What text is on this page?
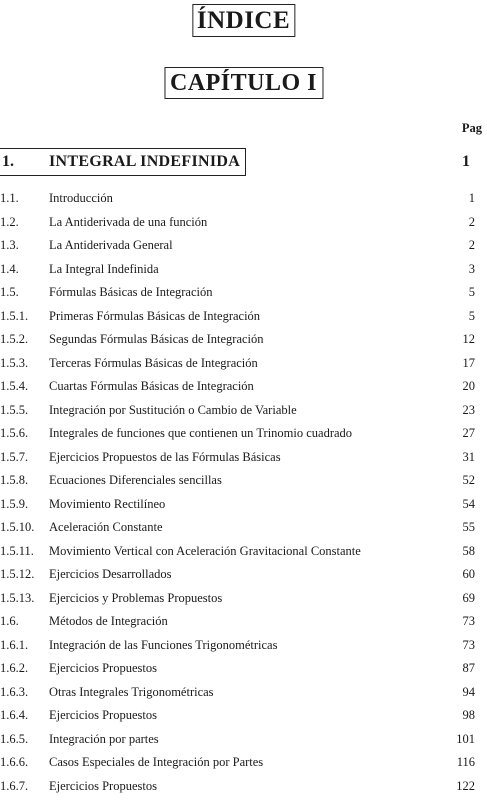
ÍNDICE
CAPÍTULO I
Pag
1. INTEGRAL INDEFINIDA	1
1.1. Introducción	1
1.2. La Antiderivada de una función	2
1.3. La Antiderivada General	2
1.4. La Integral Indefinida	3
1.5. Fórmulas Básicas de Integración	5
1.5.1. Primeras Fórmulas Básicas de Integración	5
1.5.2. Segundas Fórmulas Básicas de Integración	12
1.5.3. Terceras Fórmulas Básicas de Integración	17
1.5.4. Cuartas Fórmulas Básicas de Integración	20
1.5.5. Integración por Sustitución o Cambio de Variable	23
1.5.6. Integrales de funciones que contienen un Trinomio cuadrado	27
1.5.7. Ejercicios Propuestos de las Fórmulas Básicas	31
1.5.8. Ecuaciones Diferenciales sencillas	52
1.5.9. Movimiento Rectilíneo	54
1.5.10. Aceleración Constante	55
1.5.11. Movimiento Vertical con Aceleración Gravitacional Constante	58
1.5.12. Ejercicios Desarrollados	60
1.5.13. Ejercicios y Problemas Propuestos	69
1.6. Métodos de Integración	73
1.6.1. Integración de las Funciones Trigonométricas	73
1.6.2. Ejercicios Propuestos	87
1.6.3. Otras Integrales Trigonométricas	94
1.6.4. Ejercicios Propuestos	98
1.6.5. Integración por partes	101
1.6.6. Casos Especiales de Integración por Partes	116
1.6.7. Ejercicios Propuestos	122
